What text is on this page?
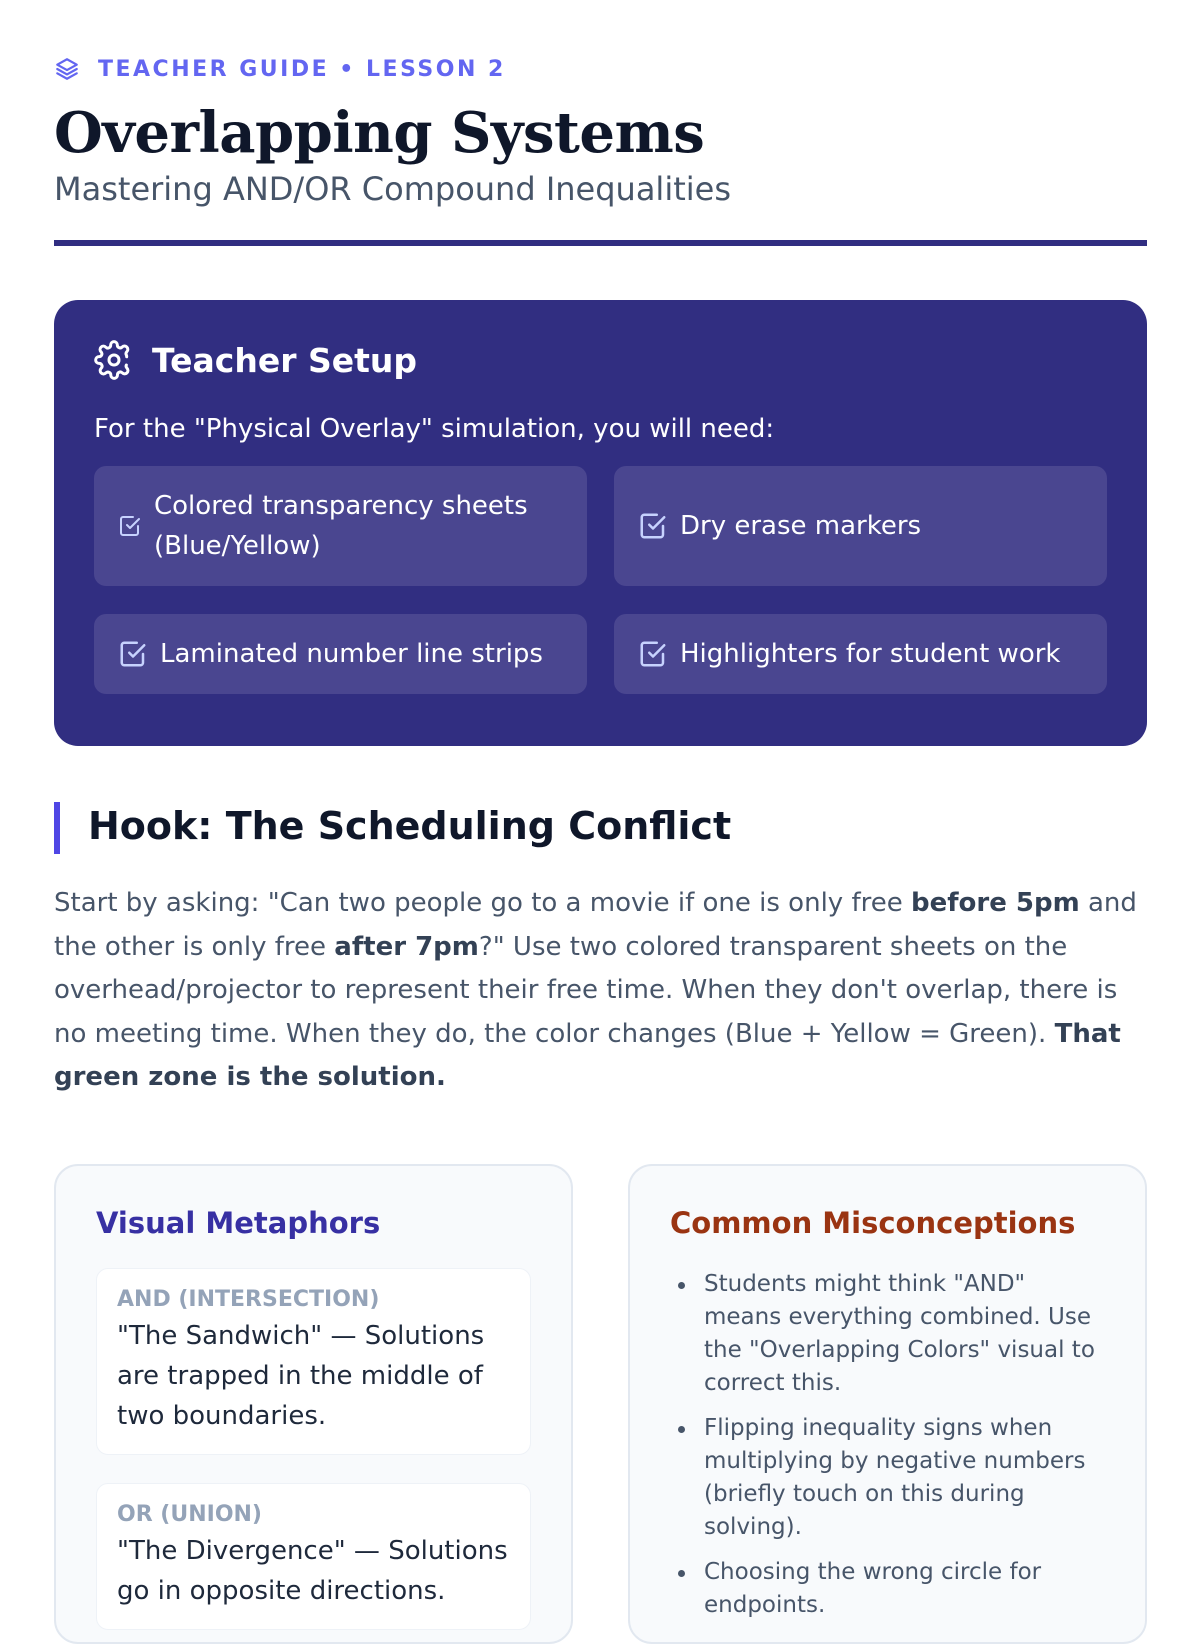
TEACHER GUIDE • LESSON 2
Overlapping Systems
Mastering AND/OR Compound Inequalities
Teacher Setup

For the "Physical Overlay" simulation, you will need:

Colored transparency sheets (Blue/Yellow)
Dry erase markers
Laminated number line strips	Highlighters for student work
Hook: The Scheduling Conflict

Start by asking: "Can two people go to a movie if one is only free before 5pm and the other is only free after 7pm?" Use two colored transparent sheets on the overhead/projector to represent their free time. When they don't overlap, there is no meeting time. When they do, the color changes (Blue + Yellow = Green). That green zone is the solution.

Visual Metaphors
AND (INTERSECTION)
"The Sandwich" — Solutions are trapped in the middle of two boundaries.
OR (UNION)
"The Divergence" — Solutions go in opposite directions.
Common Misconceptions
Students might think "AND" means everything combined. Use the "Overlapping Colors" visual to correct this.
Flipping inequality signs when multiplying by negative numbers (briefly touch on this during solving).
Choosing the wrong circle for endpoints.
